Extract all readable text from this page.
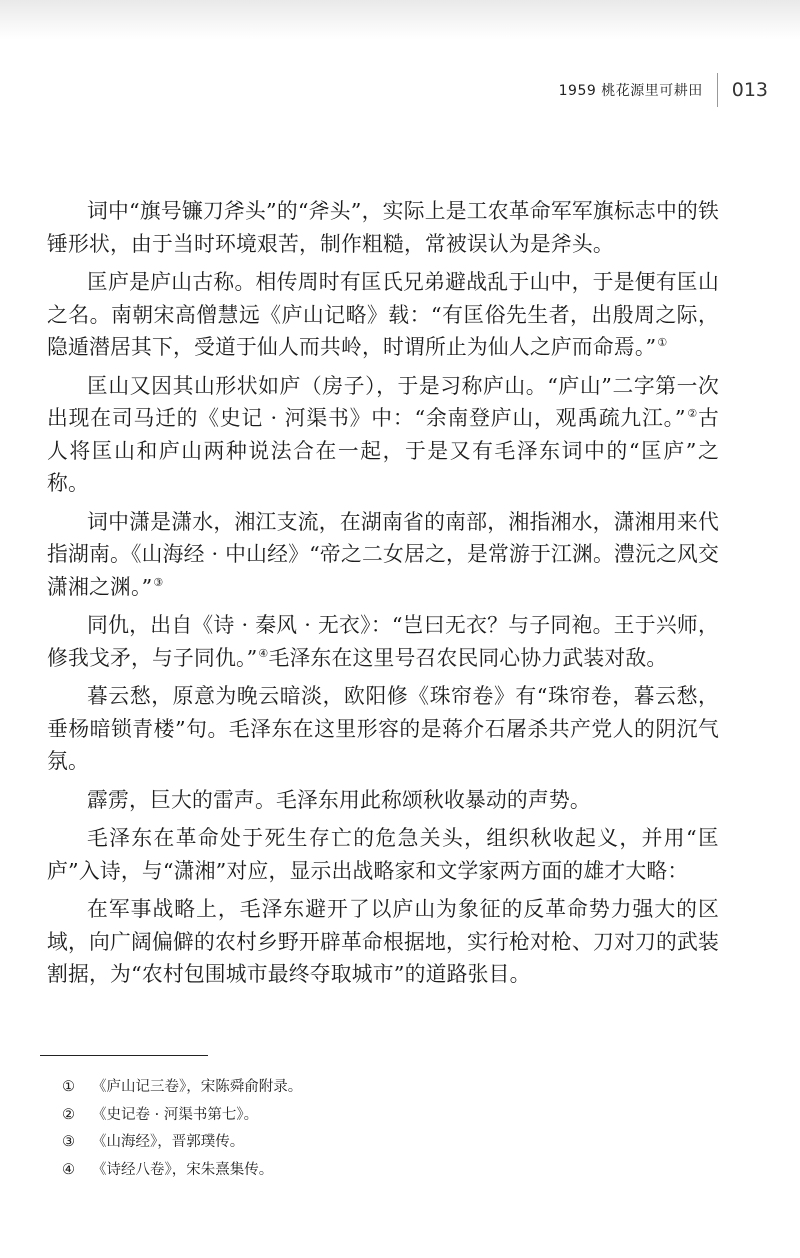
1959 桃花源里可耕田 013

词中“旗号镰刀斧头”的“斧头”，实际上是工农革命军军旗标志中的铁锤形状，由于当时环境艰苦，制作粗糙，常被误认为是斧头。

匡庐是庐山古称。相传周时有匡氏兄弟避战乱于山中，于是便有匡山之名。南朝宋高僧慧远《庐山记略》载：“有匡俗先生者，出殷周之际，隐遁潜居其下，受道于仙人而共岭，时谓所止为仙人之庐而命焉。”①

匡山又因其山形状如庐（房子），于是习称庐山。“庐山”二字第一次出现在司马迁的《史记 · 河渠书》中：“余南登庐山，观禹疏九江。”②古人将匡山和庐山两种说法合在一起，于是又有毛泽东词中的“匡庐”之称。

词中潇是潇水，湘江支流，在湖南省的南部，湘指湘水，潇湘用来代指湖南。《山海经 · 中山经》“帝之二女居之，是常游于江渊。澧沅之风交潇湘之渊。”③

同仇，出自《诗 · 秦风 · 无衣》：“岂曰无衣？与子同袍。王于兴师，修我戈矛，与子同仇。”④毛泽东在这里号召农民同心协力武装对敌。

暮云愁，原意为晚云暗淡，欧阳修《珠帘卷》有“珠帘卷，暮云愁，垂杨暗锁青楼”句。毛泽东在这里形容的是蒋介石屠杀共产党人的阴沉气氛。

霹雳，巨大的雷声。毛泽东用此称颂秋收暴动的声势。

毛泽东在革命处于死生存亡的危急关头，组织秋收起义，并用“匡庐”入诗，与“潇湘”对应，显示出战略家和文学家两方面的雄才大略：

在军事战略上，毛泽东避开了以庐山为象征的反革命势力强大的区域，向广阔偏僻的农村乡野开辟革命根据地，实行枪对枪、刀对刀的武装割据，为“农村包围城市最终夺取城市”的道路张目。

①	《庐山记三卷》，宋陈舜俞附录。
②	《史记卷 · 河渠书第七》。
③	《山海经》，晋郭璞传。
④	《诗经八卷》，宋朱熹集传。
